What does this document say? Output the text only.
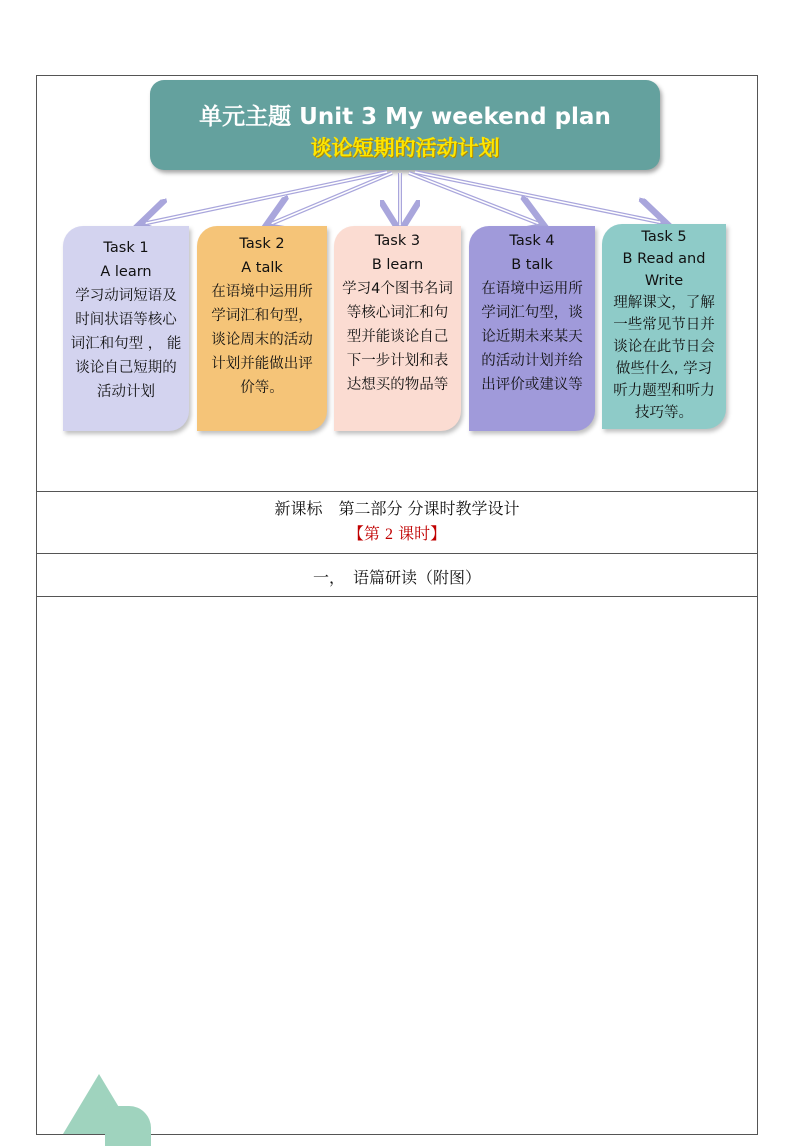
单元主题 Unit 3 My weekend plan
谈论短期的活动计划
Task 1
A learn
学习动词短语及
时间状语等核心
词汇和句型 ， 能
谈论自己短期的
活动计划
Task 2
A talk
在语境中运用所
学词汇和句型，
谈论周末的活动
计划并能做出评
价等。
Task 3
B learn
学习4个图书名词
等核心词汇和句
型并能谈论自己
下一步计划和表
达想买的物品等
Task 4
B talk
在语境中运用所
学词汇句型，谈
论近期未来某天
的活动计划并给
出评价或建议等
Task 5
B Read and Write
理解课文，了解
一些常见节日并
谈论在此节日会
做些什么, 学习
听力题型和听力
技巧等。
新课标　第二部分 分课时教学设计
【第 2 课时】
一，　语篇研读（附图）
